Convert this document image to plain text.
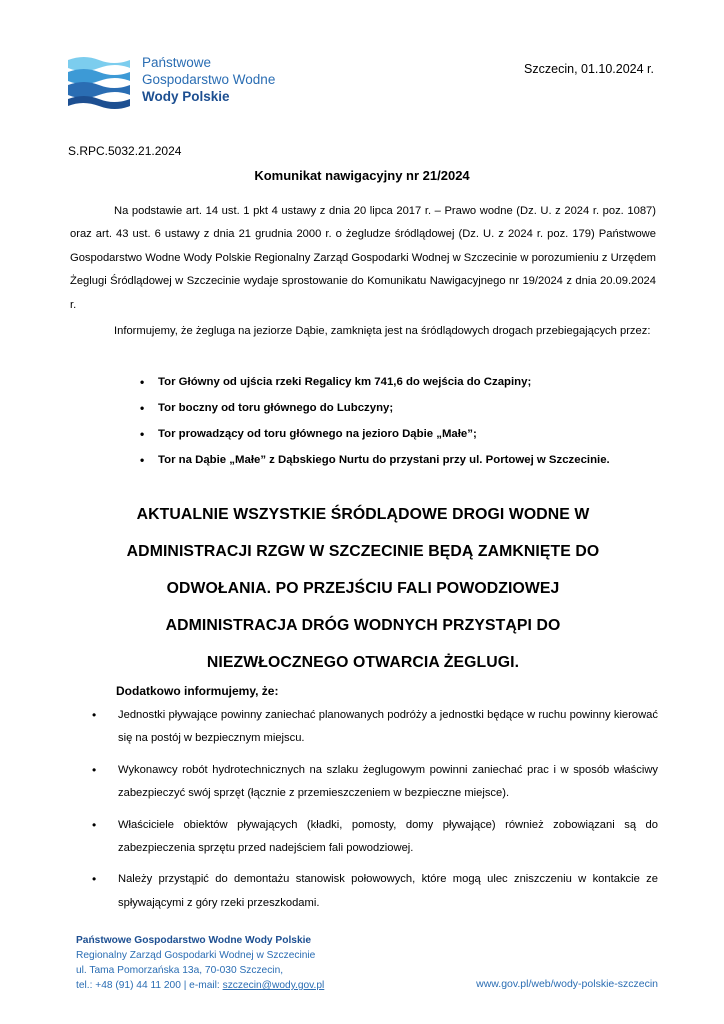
Państwowe
Gospodarstwo Wodne
Wody Polskie
Szczecin, 01.10.2024 r.
S.RPC.5032.21.2024
Komunikat nawigacyjny nr 21/2024
Na podstawie art. 14 ust. 1 pkt 4 ustawy z dnia 20 lipca 2017 r. – Prawo wodne (Dz. U. z 2024 r. poz. 1087) oraz art. 43 ust. 6 ustawy z dnia 21 grudnia 2000 r. o żegludze śródlądowej (Dz. U. z 2024 r. poz. 179) Państwowe Gospodarstwo Wodne Wody Polskie Regionalny Zarząd Gospodarki Wodnej w Szczecinie w porozumieniu z Urzędem Żeglugi Śródlądowej w Szczecinie wydaje sprostowanie do Komunikatu Nawigacyjnego nr 19/2024 z dnia 20.09.2024 r.
Informujemy, że żegluga na jeziorze Dąbie, zamknięta jest na śródlądowych drogach przebiegających przez:
• Tor Główny od ujścia rzeki Regalicy km 741,6 do wejścia do Czapiny;
• Tor boczny od toru głównego do Lubczyny;
• Tor prowadzący od toru głównego na jezioro Dąbie „Małe”;
• Tor na Dąbie „Małe” z Dąbskiego Nurtu do przystani przy ul. Portowej w Szczecinie.
AKTUALNIE WSZYSTKIE ŚRÓDLĄDOWE DROGI WODNE W ADMINISTRACJI RZGW W SZCZECINIE BĘDĄ ZAMKNIĘTE DO ODWOŁANIA. PO PRZEJŚCIU FALI POWODZIOWEJ ADMINISTRACJA DRÓG WODNYCH PRZYSTĄPI DO NIEZWŁOCZNEGO OTWARCIA ŻEGLUGI.
Dodatkowo informujemy, że:
• Jednostki pływające powinny zaniechać planowanych podróży a jednostki będące w ruchu powinny kierować się na postój w bezpiecznym miejscu.
• Wykonawcy robót hydrotechnicznych na szlaku żeglugowym powinni zaniechać prac i w sposób właściwy zabezpieczyć swój sprzęt (łącznie z przemieszczeniem w bezpieczne miejsce).
• Właściciele obiektów pływających (kładki, pomosty, domy pływające) również zobowiązani są do zabezpieczenia sprzętu przed nadejściem fali powodziowej.
• Należy przystąpić do demontażu stanowisk połowowych, które mogą ulec zniszczeniu w kontakcie ze spływającymi z góry rzeki przeszkodami.
Państwowe Gospodarstwo Wodne Wody Polskie
Regionalny Zarząd Gospodarki Wodnej w Szczecinie
ul. Tama Pomorzańska 13a, 70-030 Szczecin,
tel.: +48 (91) 44 11 200 | e-mail: szczecin@wody.gov.pl	www.gov.pl/web/wody-polskie-szczecin
